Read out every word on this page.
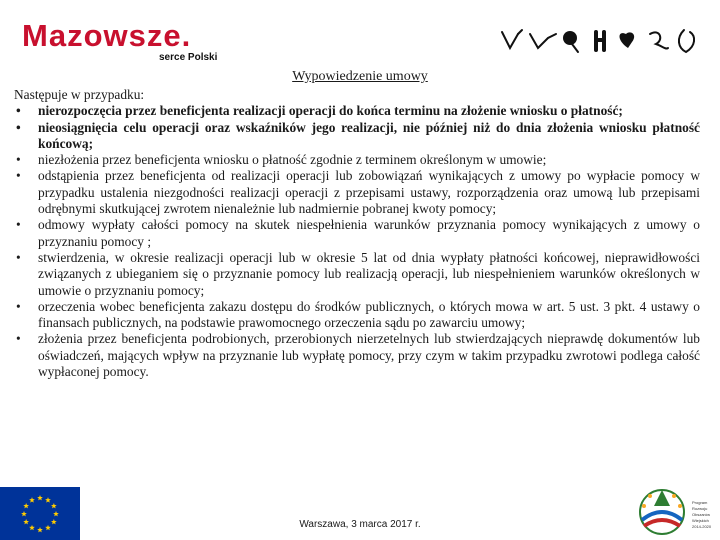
Mazowsze.
serce Polski
Wypowiedzenie umowy

Następuje w przypadku:

• nierozpoczęcia przez beneficjenta realizacji operacji do końca terminu na złożenie wniosku o płatność;
• nieosiągnięcia celu operacji oraz wskaźników jego realizacji, nie później niż do dnia złożenia wniosku płatność końcową;
• niezłożenia przez beneficjenta wniosku o płatność zgodnie z terminem określonym w umowie;
• odstąpienia przez beneficjenta od realizacji operacji lub zobowiązań wynikających z umowy po wypłacie pomocy w przypadku ustalenia niezgodności realizacji operacji z przepisami ustawy, rozporządzenia oraz umową lub przepisami odrębnymi skutkującej zwrotem nienależnie lub nadmiernie pobranej kwoty pomocy;
• odmowy wypłaty całości pomocy na skutek niespełnienia warunków przyznania pomocy wynikających z umowy o przyznaniu pomocy ;
• stwierdzenia, w okresie realizacji operacji lub w okresie 5 lat od dnia wypłaty płatności końcowej, nieprawidłowości związanych z ubieganiem się o przyznanie pomocy lub realizacją operacji, lub niespełnieniem warunków określonych w umowie o przyznaniu pomocy;
• orzeczenia wobec beneficjenta zakazu dostępu do środków publicznych, o których mowa w art. 5 ust. 3 pkt. 4 ustawy o finansach publicznych, na podstawie prawomocnego orzeczenia sądu po zawarciu umowy;
• złożenia przez beneficjenta podrobionych, przerobionych nierzetelnych lub stwierdzających nieprawdę dokumentów lub oświadczeń, mających wpływ na przyznanie lub wypłatę pomocy, przy czym w takim przypadku zwrotowi podlega całość wypłaconej pomocy.
Warszawa, 3 marca 2017 r.
Program Rozwoju Obszarów Wiejskich 2014-2020
